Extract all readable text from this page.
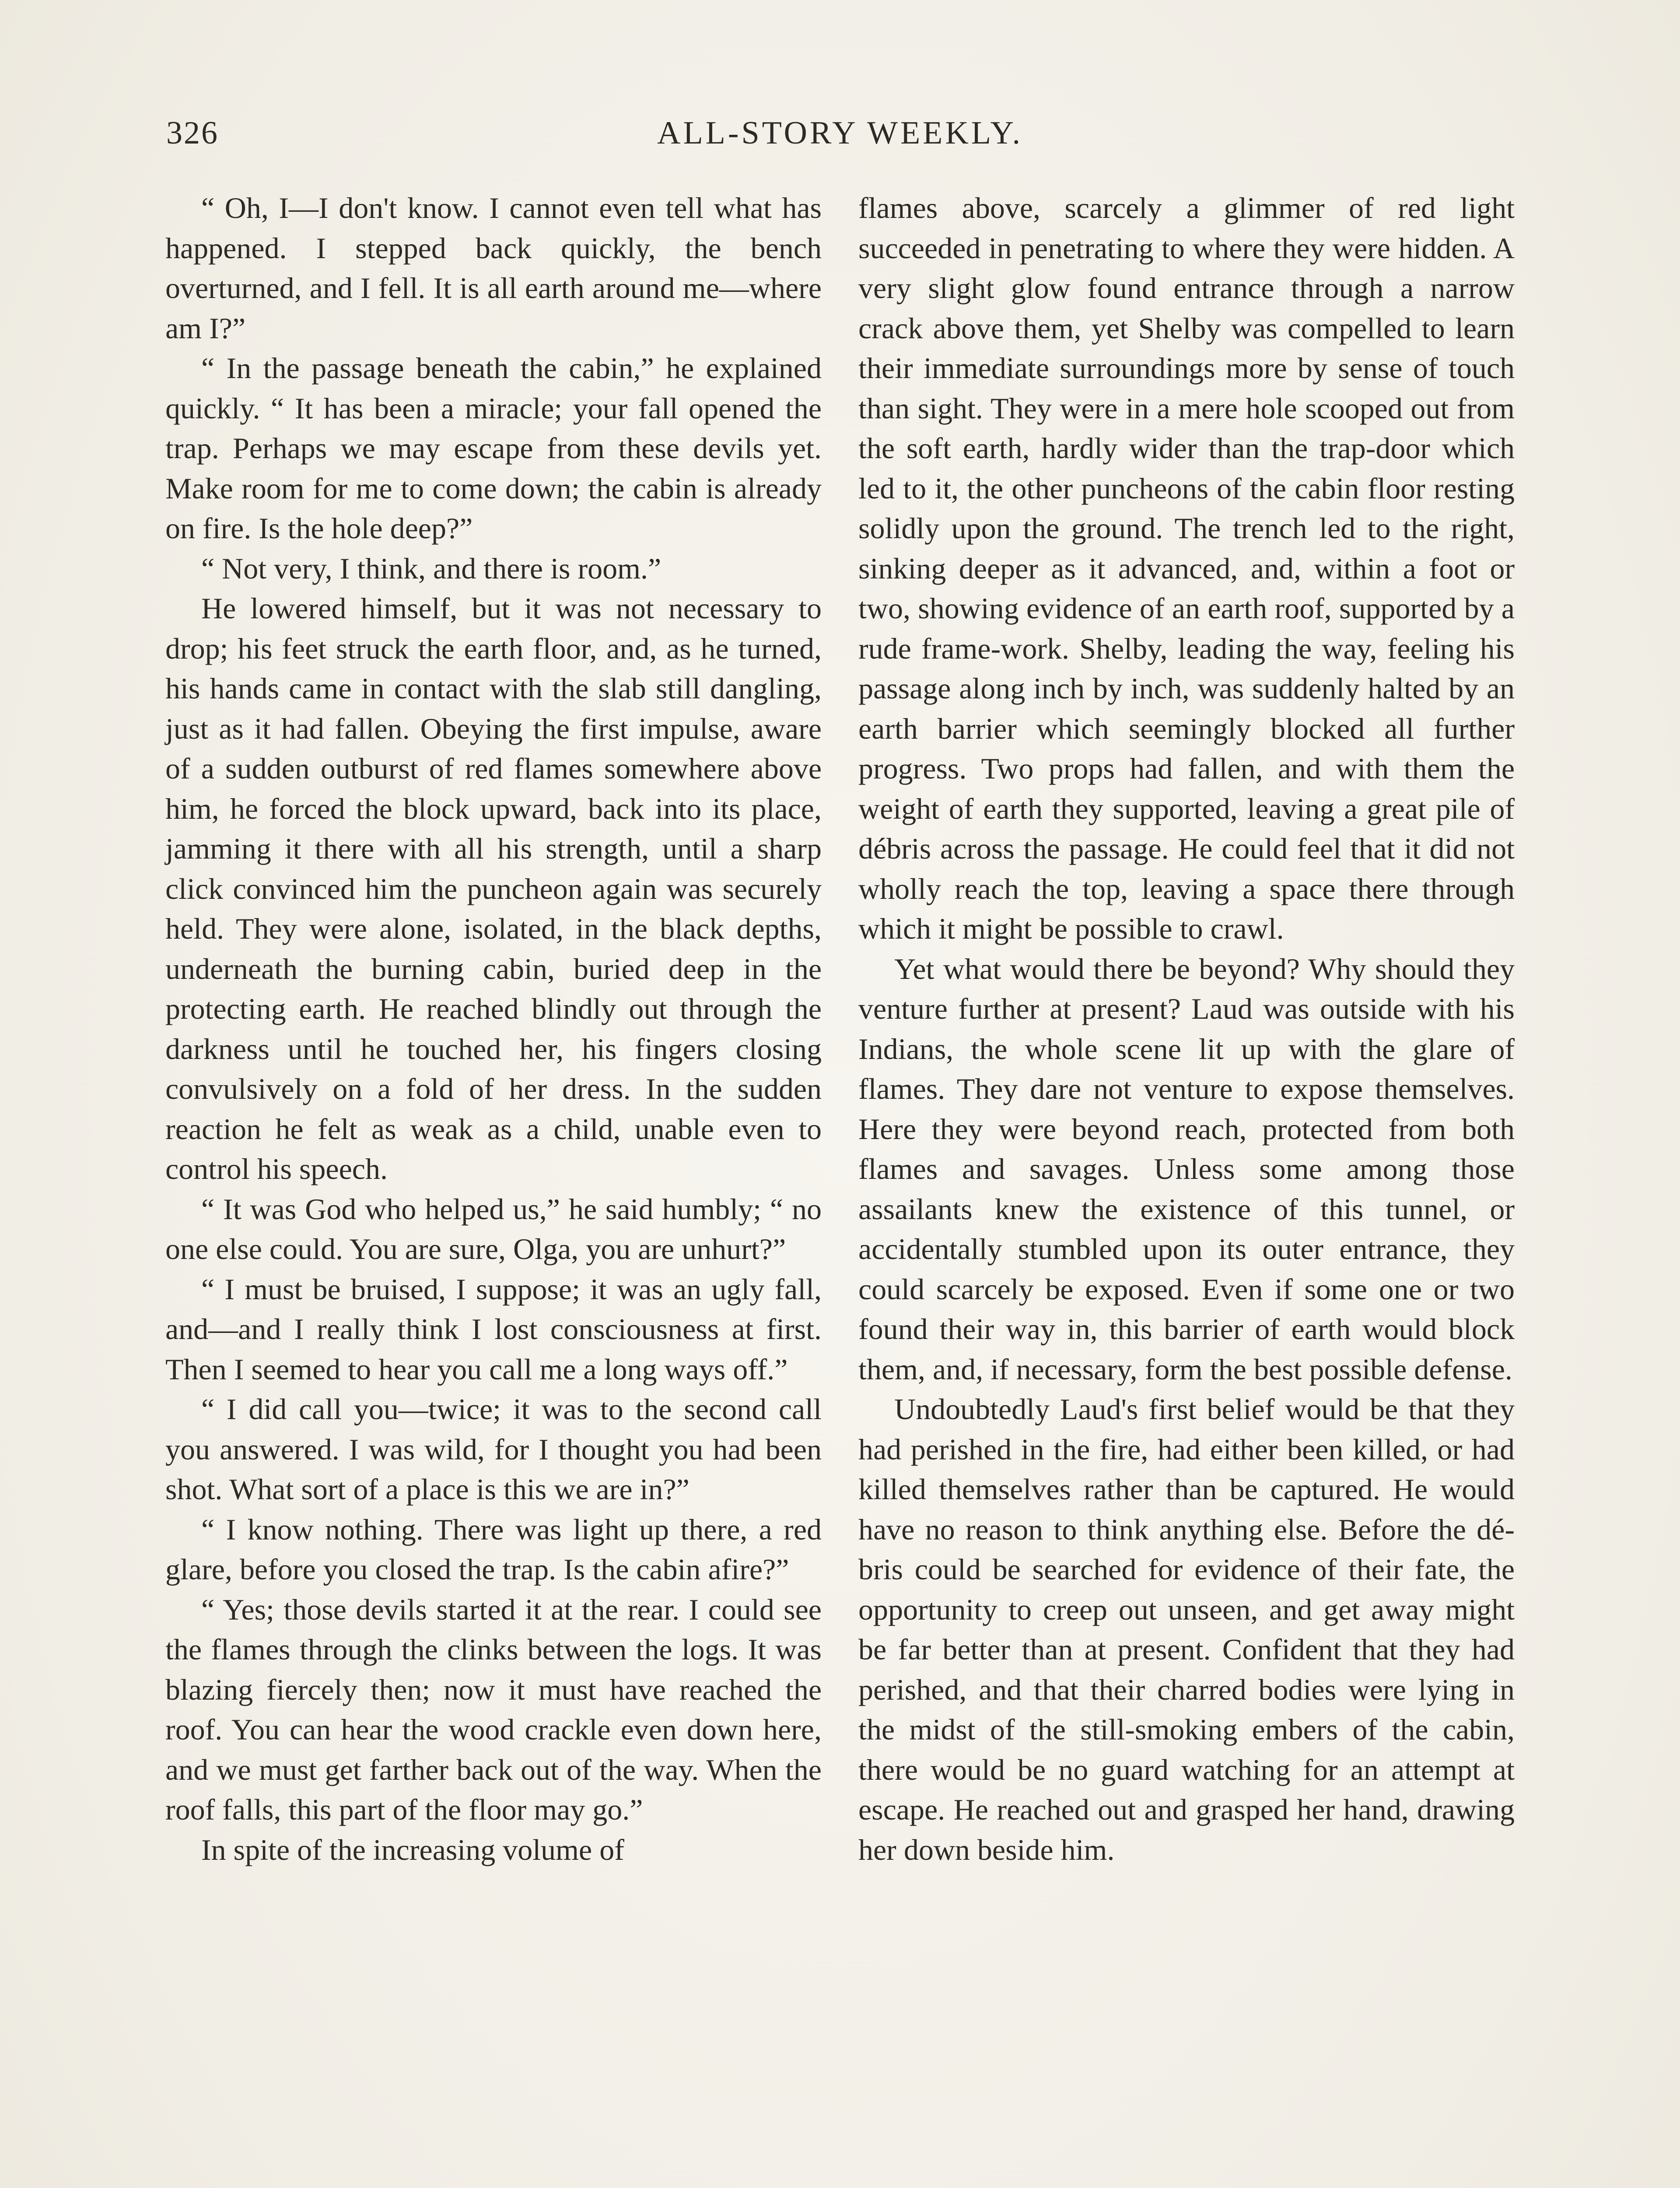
326	ALL-STORY WEEKLY.

“ Oh, I—I don't know. I cannot even tell what has happened. I stepped back quickly, the bench overturned, and I fell. It is all earth around me—where am I?”

“ In the passage beneath the cabin,” he explained quickly. “ It has been a miracle; your fall opened the trap. Perhaps we may escape from these devils yet. Make room for me to come down; the cabin is already on fire. Is the hole deep?”

“ Not very, I think, and there is room.”

He lowered himself, but it was not necessary to drop; his feet struck the earth floor, and, as he turned, his hands came in contact with the slab still dangling, just as it had fallen. Obeying the first impulse, aware of a sudden outburst of red flames somewhere above him, he forced the block upward, back into its place, jamming it there with all his strength, until a sharp click convinced him the puncheon again was securely held. They were alone, isolated, in the black depths, underneath the burning cabin, buried deep in the protecting earth. He reached blindly out through the darkness until he touched her, his fingers closing convulsively on a fold of her dress. In the sudden reaction he felt as weak as a child, unable even to control his speech.

“ It was God who helped us,” he said humbly; “ no one else could. You are sure, Olga, you are unhurt?”

“ I must be bruised, I suppose; it was an ugly fall, and—and I really think I lost consciousness at first. Then I seemed to hear you call me a long ways off.”

“ I did call you—twice; it was to the second call you answered. I was wild, for I thought you had been shot. What sort of a place is this we are in?”

“ I know nothing. There was light up there, a red glare, before you closed the trap. Is the cabin afire?”

“ Yes; those devils started it at the rear. I could see the flames through the clinks between the logs. It was blazing fiercely then; now it must have reached the roof. You can hear the wood crackle even down here, and we must get farther back out of the way. When the roof falls, this part of the floor may go.”

In spite of the increasing volume of

flames above, scarcely a glimmer of red light succeeded in penetrating to where they were hidden. A very slight glow found entrance through a narrow crack above them, yet Shelby was compelled to learn their immediate surroundings more by sense of touch than sight. They were in a mere hole scooped out from the soft earth, hardly wider than the trap-door which led to it, the other puncheons of the cabin floor resting solidly upon the ground. The trench led to the right, sinking deeper as it advanced, and, within a foot or two, showing evidence of an earth roof, supported by a rude frame-work. Shelby, leading the way, feeling his passage along inch by inch, was suddenly halted by an earth barrier which seemingly blocked all further progress. Two props had fallen, and with them the weight of earth they supported, leaving a great pile of débris across the passage. He could feel that it did not wholly reach the top, leaving a space there through which it might be possible to crawl.

Yet what would there be beyond? Why should they venture further at present? Laud was outside with his Indians, the whole scene lit up with the glare of flames. They dare not venture to expose themselves. Here they were beyond reach, protected from both flames and savages. Unless some among those assailants knew the existence of this tunnel, or accidentally stumbled upon its outer entrance, they could scarcely be exposed. Even if some one or two found their way in, this barrier of earth would block them, and, if necessary, form the best possible defense.

Undoubtedly Laud's first belief would be that they had perished in the fire, had either been killed, or had killed themselves rather than be captured. He would have no reason to think anything else. Before the débris could be searched for evidence of their fate, the opportunity to creep out unseen, and get away might be far better than at present. Confident that they had perished, and that their charred bodies were lying in the midst of the still-smoking embers of the cabin, there would be no guard watching for an attempt at escape. He reached out and grasped her hand, drawing her down beside him.
